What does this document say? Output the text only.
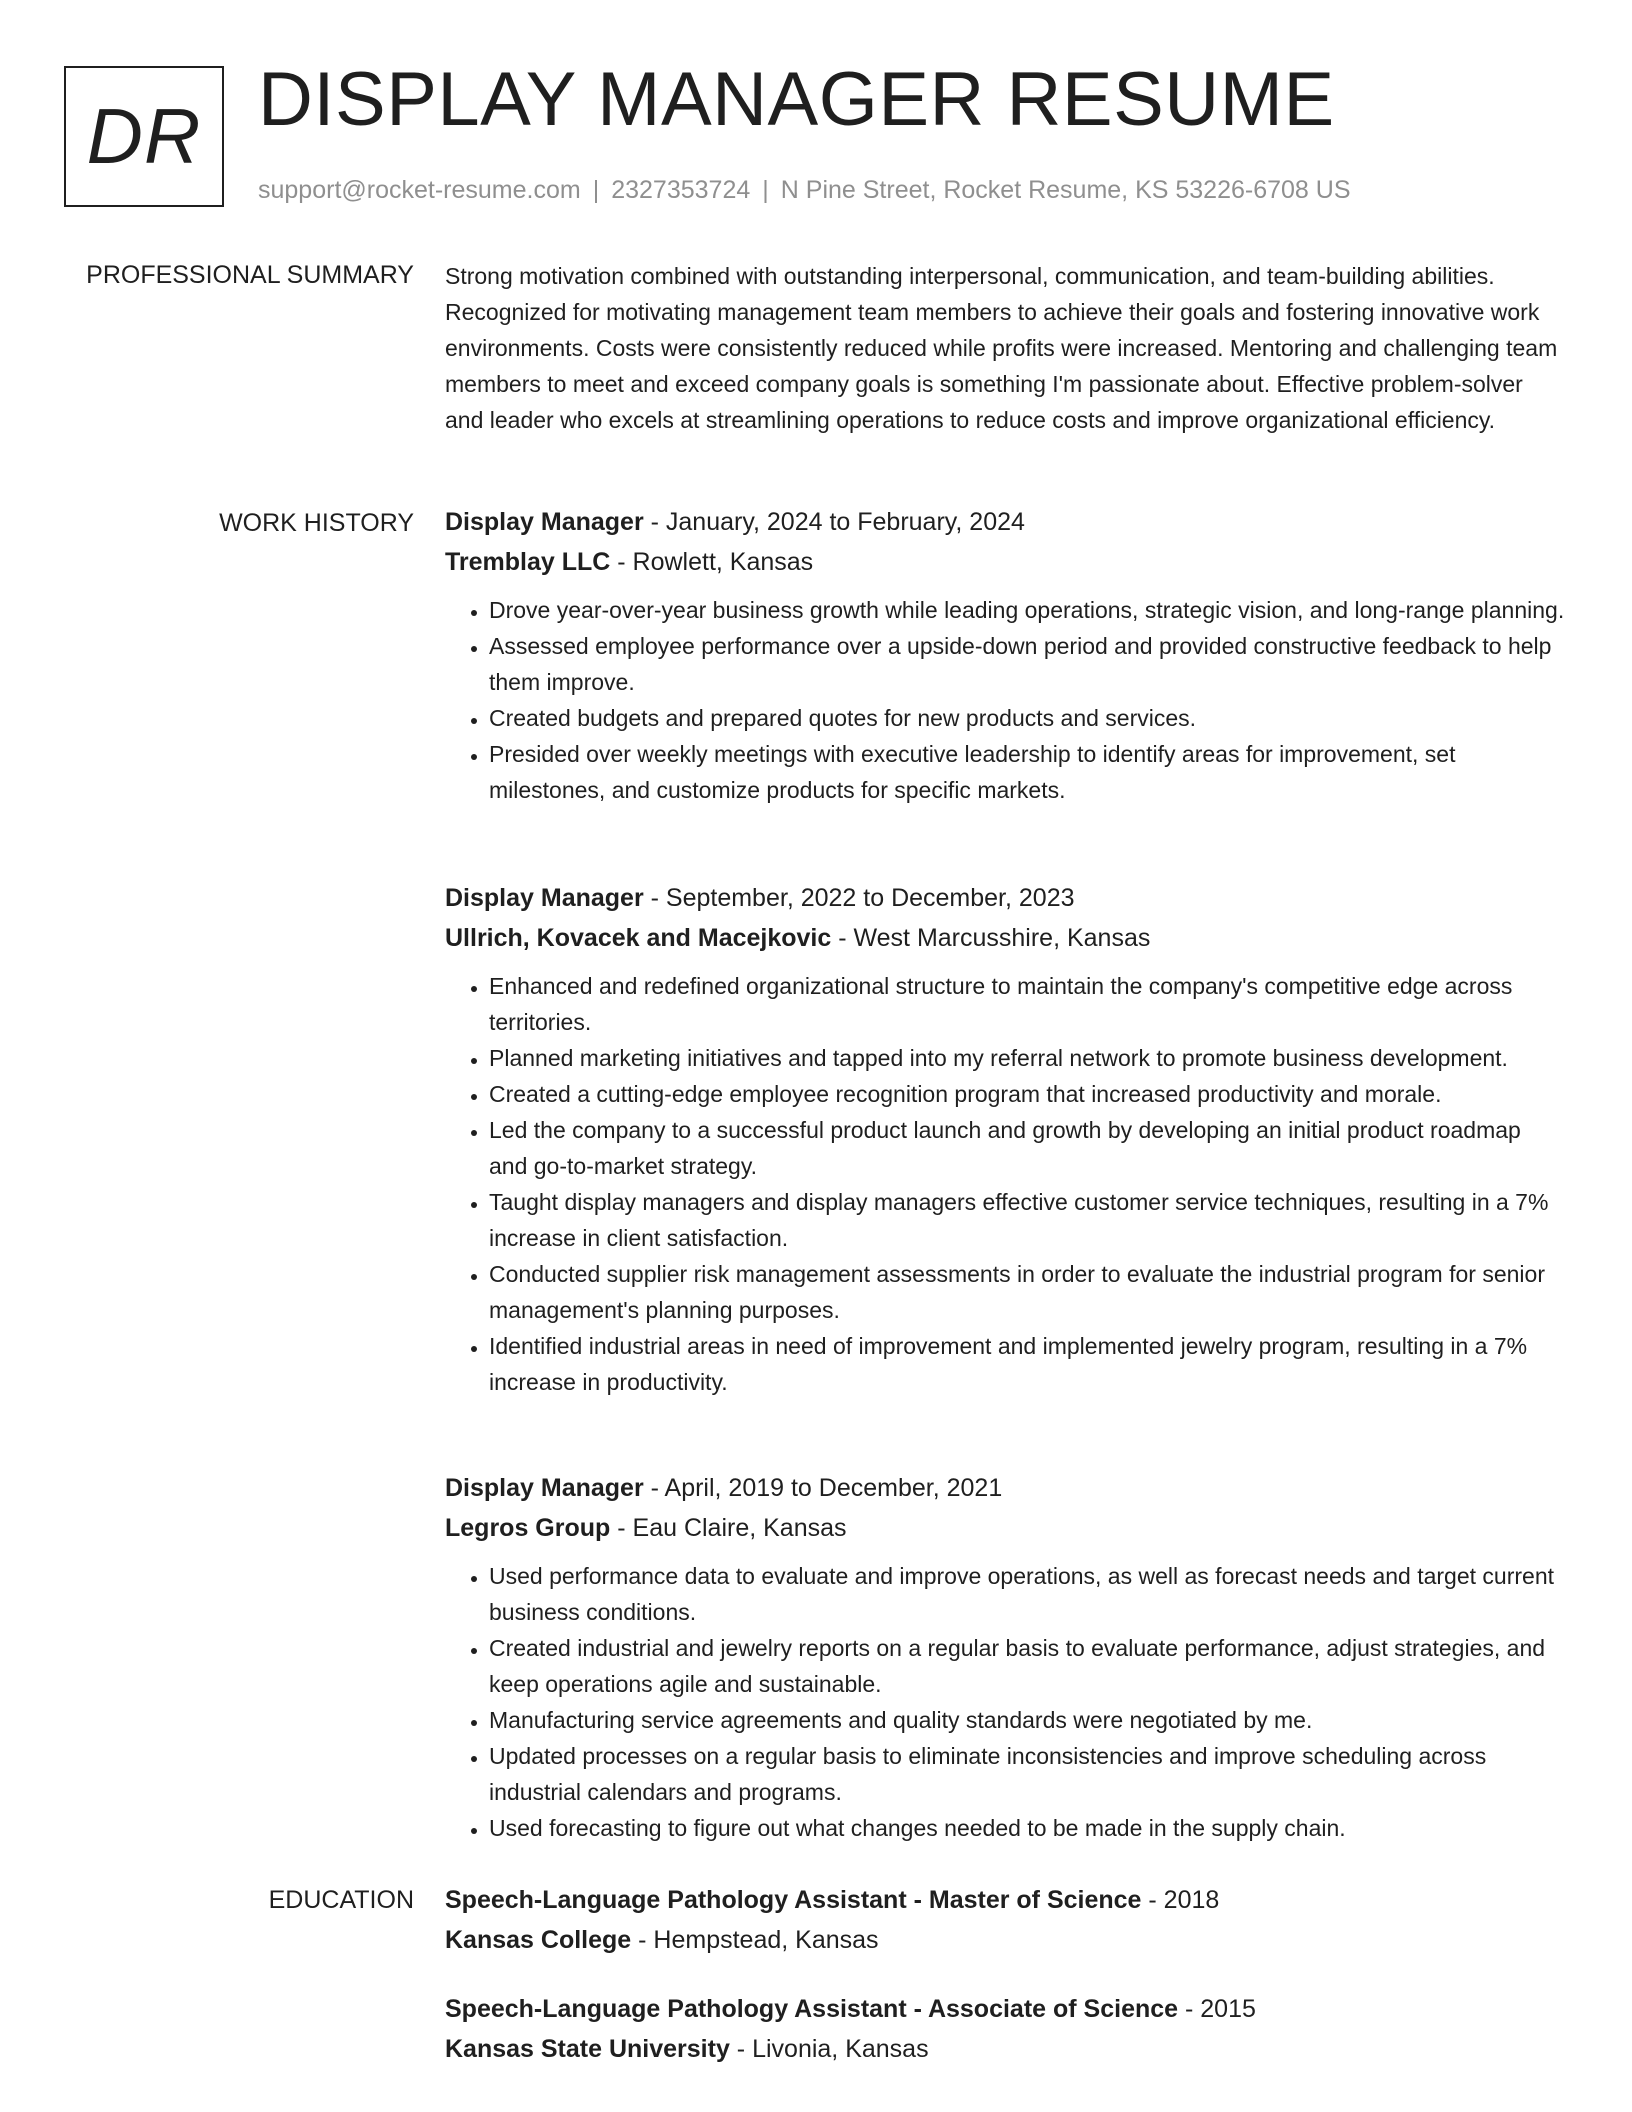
DR DISPLAY MANAGER RESUME
support@rocket-resume.com | 2327353724 | N Pine Street, Rocket Resume, KS 53226-6708 US
PROFESSIONAL SUMMARY Strong motivation combined with outstanding interpersonal, communication, and team-building abilities. Recognized for motivating management team members to achieve their goals and fostering innovative work environments. Costs were consistently reduced while profits were increased. Mentoring and challenging team members to meet and exceed company goals is something I'm passionate about. Effective problem-solver and leader who excels at streamlining operations to reduce costs and improve organizational efficiency.
WORK HISTORY Display Manager - January, 2024 to February, 2024
Tremblay LLC - Rowlett, Kansas
• Drove year-over-year business growth while leading operations, strategic vision, and long-range planning.
• Assessed employee performance over a upside-down period and provided constructive feedback to help them improve.
• Created budgets and prepared quotes for new products and services.
• Presided over weekly meetings with executive leadership to identify areas for improvement, set milestones, and customize products for specific markets.
Display Manager - September, 2022 to December, 2023
Ullrich, Kovacek and Macejkovic - West Marcusshire, Kansas
• Enhanced and redefined organizational structure to maintain the company's competitive edge across territories.
• Planned marketing initiatives and tapped into my referral network to promote business development.
• Created a cutting-edge employee recognition program that increased productivity and morale.
• Led the company to a successful product launch and growth by developing an initial product roadmap and go-to-market strategy.
• Taught display managers and display managers effective customer service techniques, resulting in a 7% increase in client satisfaction.
• Conducted supplier risk management assessments in order to evaluate the industrial program for senior management's planning purposes.
• Identified industrial areas in need of improvement and implemented jewelry program, resulting in a 7% increase in productivity.
Display Manager - April, 2019 to December, 2021
Legros Group - Eau Claire, Kansas
• Used performance data to evaluate and improve operations, as well as forecast needs and target current business conditions.
• Created industrial and jewelry reports on a regular basis to evaluate performance, adjust strategies, and keep operations agile and sustainable.
• Manufacturing service agreements and quality standards were negotiated by me.
• Updated processes on a regular basis to eliminate inconsistencies and improve scheduling across industrial calendars and programs.
• Used forecasting to figure out what changes needed to be made in the supply chain.
EDUCATION Speech-Language Pathology Assistant - Master of Science - 2018
Kansas College - Hempstead, Kansas
Speech-Language Pathology Assistant - Associate of Science - 2015
Kansas State University - Livonia, Kansas
